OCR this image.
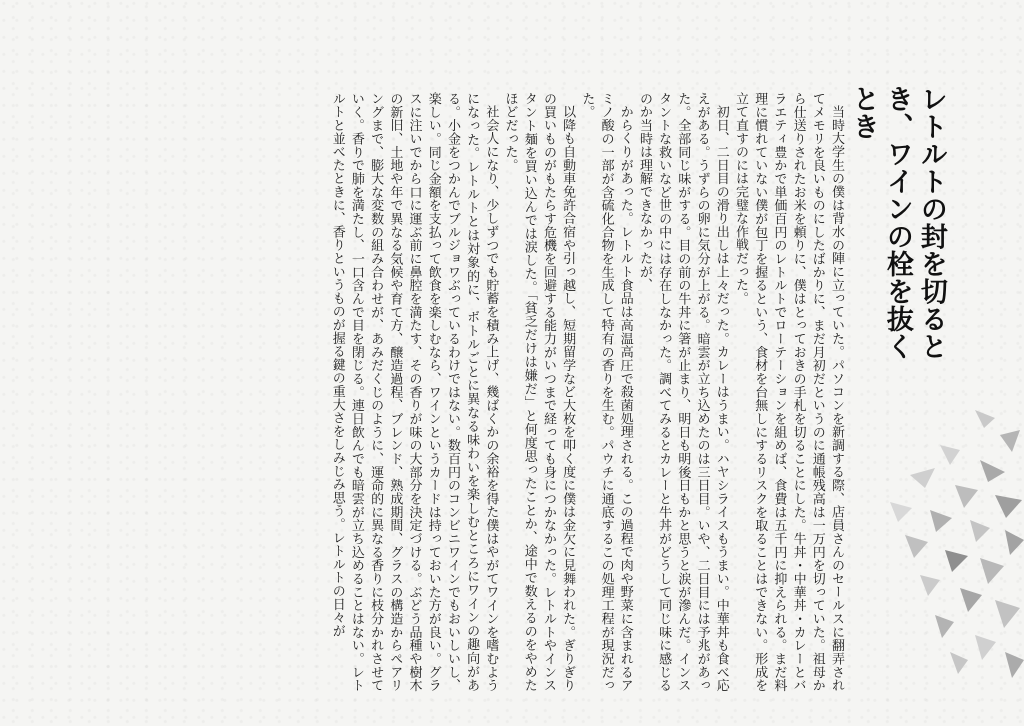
レトルトの封を切るとき、ワインの栓を抜くとき

当時大学生の僕は背水の陣に立っていた。パソコンを新調する際、店員さんのセールスに翻弄されてメモリを良いものにしたばかりに、まだ月初だというのに通帳残高は一万円を切っていた。祖母から仕送りされたお米を頼りに、僕はとっておきの手札を切ることにした。牛丼・中華丼・カレーとバラエティ豊かで単価百円のレトルトでローテーションを組めば、食費は五千円に抑えられる。まだ料理に慣れていない僕が包丁を握るという、食材を台無しにするリスクを取ることはできない。形成を立て直すのには完璧な作戦だった。

初日、二日目の滑り出しは上々だった。カレーはうまい。ハヤシライスもうまい。中華丼も食べ応えがある。うずらの卵に気分が上がる。暗雲が立ち込めたのは三日目。いや、二日目には予兆があった。全部同じ味がする。目の前の牛丼に箸が止まり、明日も明後日もかと思うと涙が滲んだ。インスタントな救いなど世の中には存在しなかった。調べてみるとカレーと牛丼がどうして同じ味に感じるのか当時は理解できなかったが、

からくりがあった。レトルト食品は高温高圧で殺菌処理される。この過程で肉や野菜に含まれるアミノ酸の一部が含硫化合物を生成して特有の香りを生む。パウチに通底するこの処理工程が現況だった。

以降も自動車免許合宿や引っ越し、短期留学など大枚を叩く度に僕は金欠に見舞われた。ぎりぎりの買いものがもたらす危機を回避する能力がいつまで経っても身につかなかった。レトルトやインスタント麺を買い込んでは涙した。「貧乏だけは嫌だ」と何度思ったことか、途中で数えるのをやめたほどだった。

社会人になり、少しずつでも貯蓄を積み上げ、幾ばくかの余裕を得た僕はやがてワインを嗜むようになった。レトルトとは対象的に、ボトルごとに異なる味わいを楽しむところにワインの趣向がある。小金をつかんでブルジョワぶっているわけではない。数百円のコンビニワインでもおいしいし、楽しい。同じ金額を支払って飲食を楽しむなら、ワインというカードは持っておいた方が良い。グラスに注いでから口に運ぶ前に鼻腔を満たす、その香りが味の大部分を決定づける。ぶどう品種や樹木の新旧、土地や年で異なる気候や育て方、醸造過程、ブレンド、熟成期間、グラスの構造からペアリングまで、膨大な変数の組み合わせが、あみだくじのように、運命的に異なる香りに枝分かれさせていく。香りで肺を満たし、一口含んで目を閉じる。連日飲んでも暗雲が立ち込めることはない。レトルトと並べたときに、香りというものが握る鍵の重大さをしみじみ思う。レトルトの日々が
